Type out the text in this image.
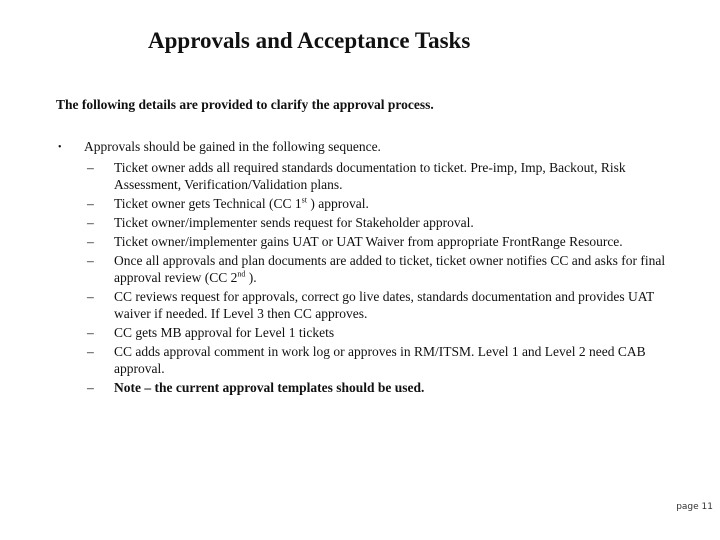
Approvals and Acceptance Tasks

The following details are provided to clarify the approval process.

•	Approvals should be gained in the following sequence.
–	Ticket owner adds all required standards documentation to ticket. Pre-imp, Imp, Backout, Risk Assessment, Verification/Validation plans.
–	Ticket owner gets Technical (CC 1st ) approval.
–	Ticket owner/implementer sends request for Stakeholder approval.
–	Ticket owner/implementer gains UAT or UAT Waiver from appropriate FrontRange Resource.
–	Once all approvals and plan documents are added to ticket, ticket owner notifies CC and asks for final approval review (CC 2nd ).
–	CC reviews request for approvals, correct go live dates, standards documentation and provides UAT waiver if needed. If Level 3 then CC approves.
–	CC gets MB approval for Level 1 tickets
–	CC adds approval comment in work log or approves in RM/ITSM. Level 1 and Level 2 need CAB approval.
–	Note – the current approval templates should be used.

page 11
